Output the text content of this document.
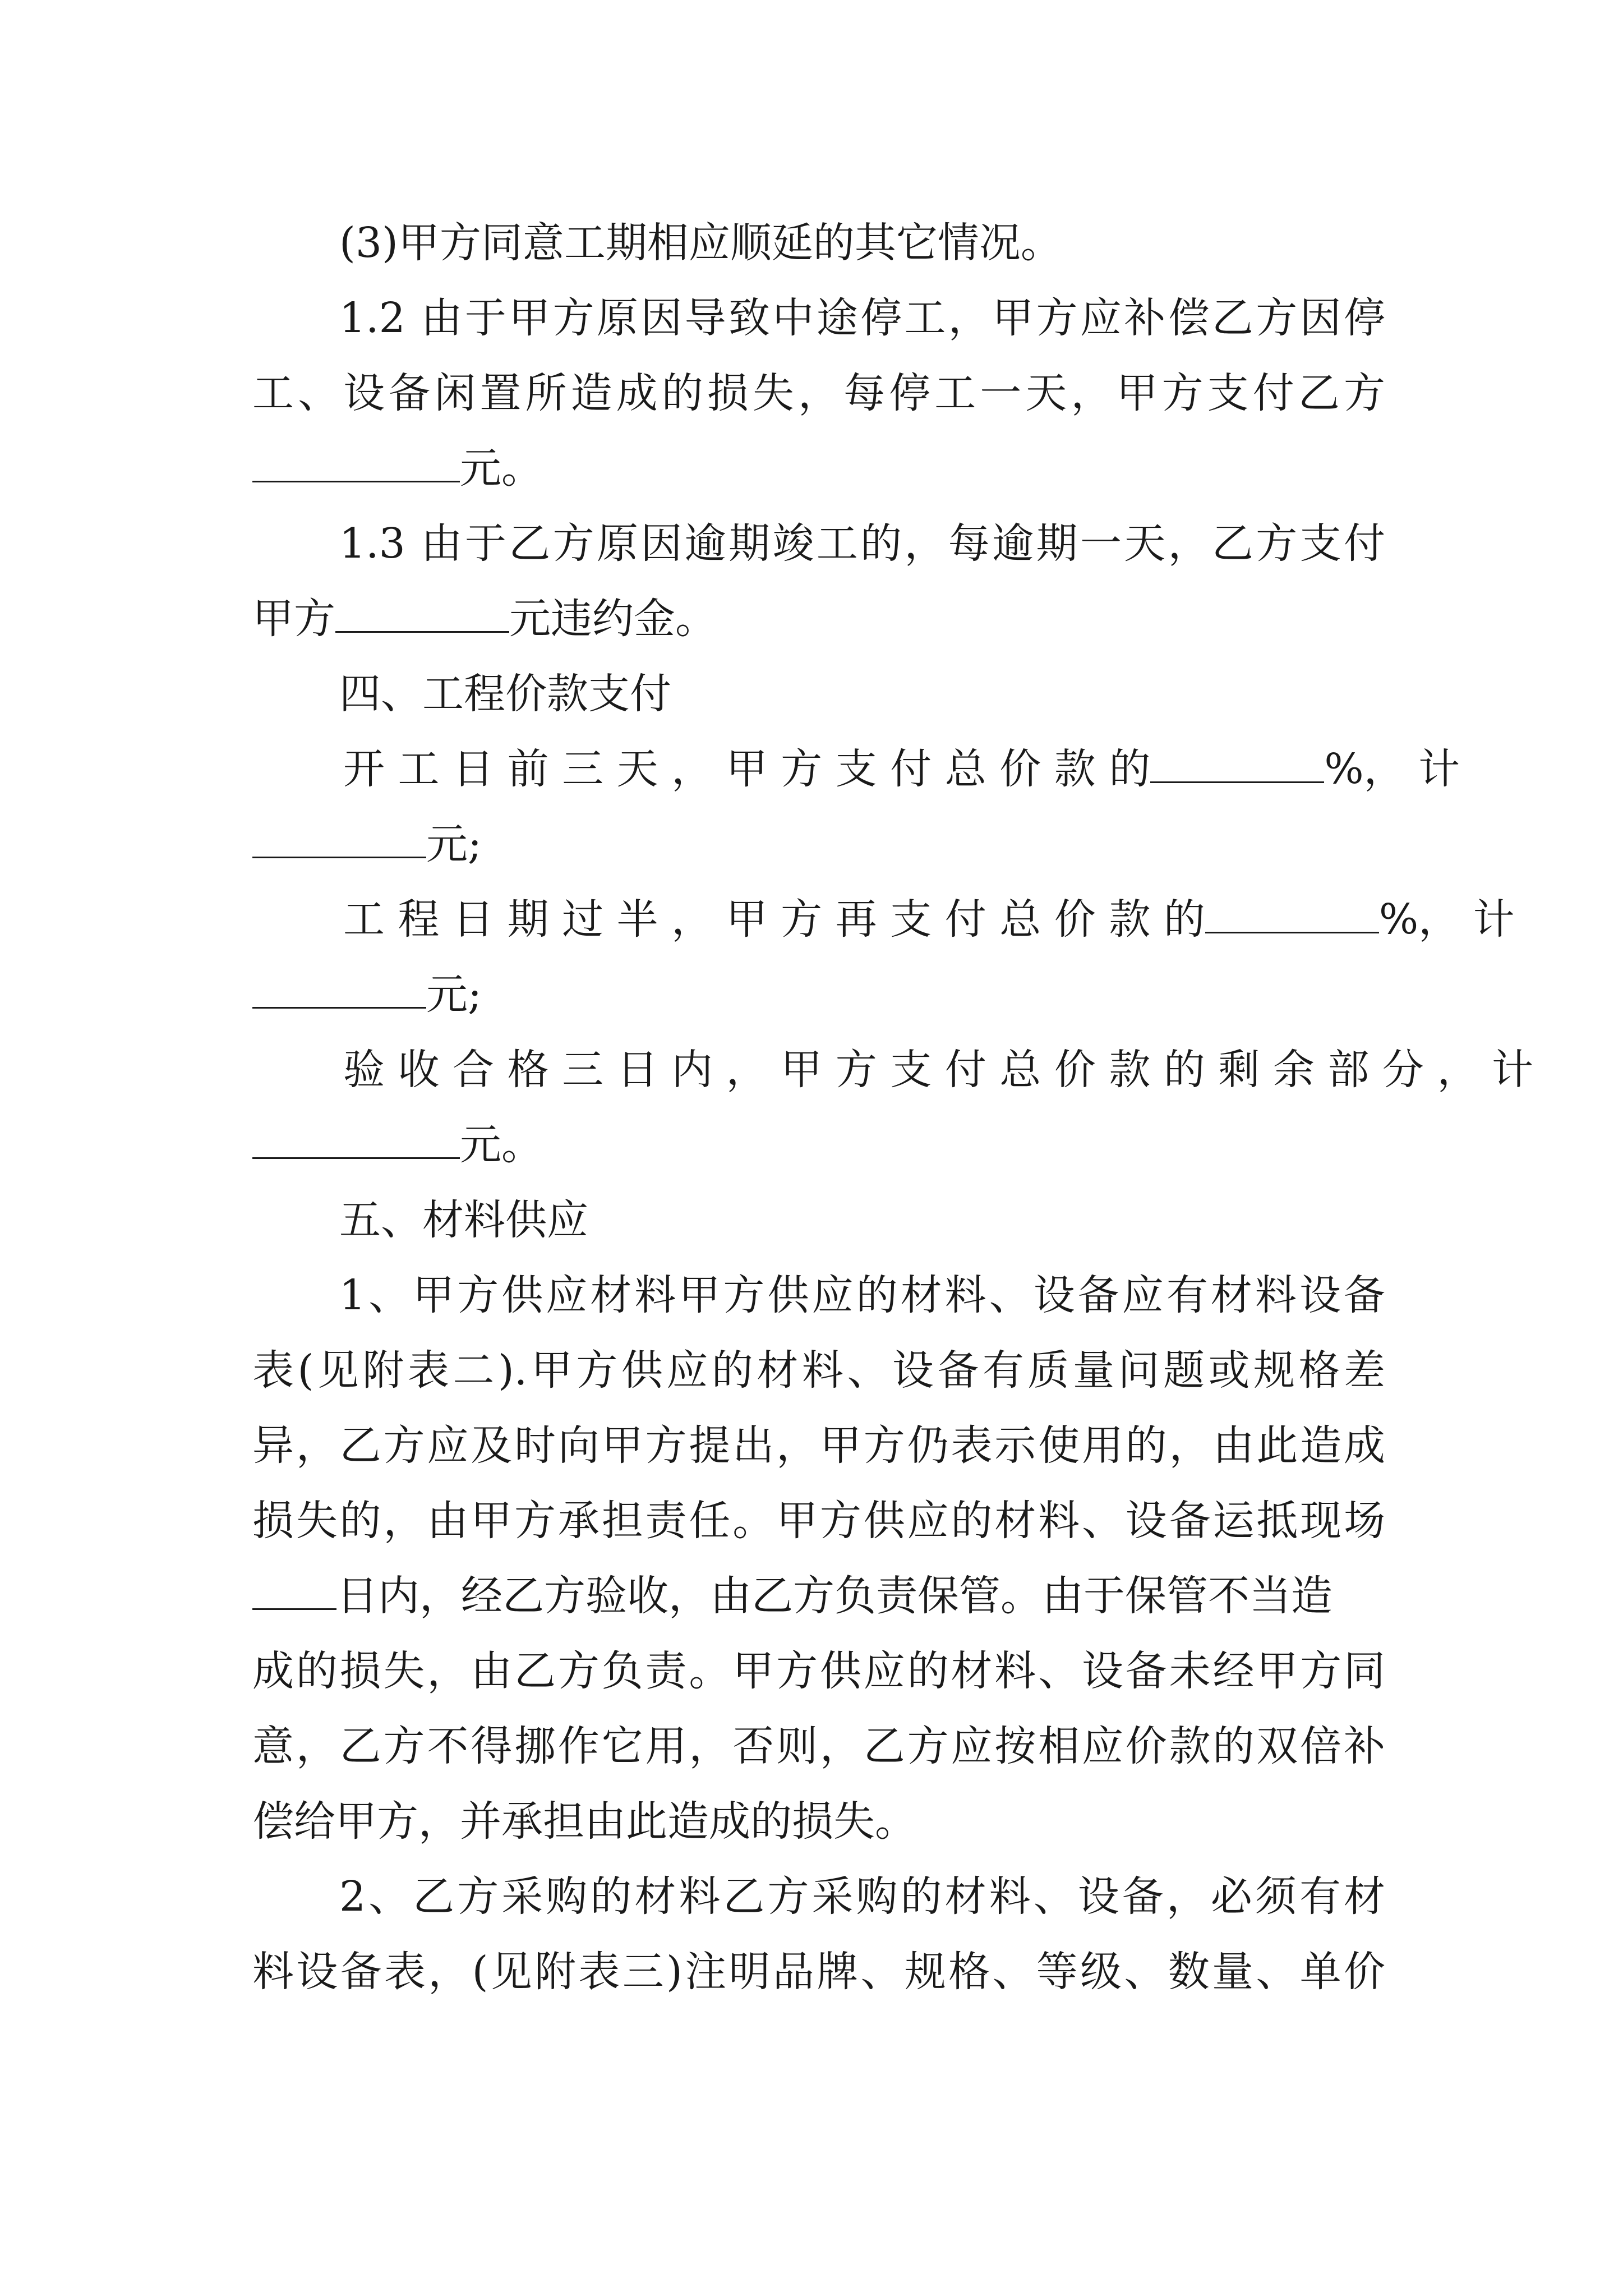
(3)甲方同意工期相应顺延的其它情况。
1.2 由于甲方原因导致中途停工，甲方应补偿乙方因停
工、设备闲置所造成的损失，每停工一天，甲方支付乙方
元。
1.3 由于乙方原因逾期竣工的，每逾期一天，乙方支付
甲方	元违约金。
四、工程价款支付
开 工 日 前 三 天 ， 甲 方 支 付 总 价 款 的	%， 计
元;
工 程 日 期 过 半 ， 甲 方 再 支 付 总 价 款 的	%， 计
元;
验 收 合 格 三 日 内 ， 甲 方 支 付 总 价 款 的 剩 余 部 分 ， 计
元。
五、材料供应
1、甲方供应材料甲方供应的材料、设备应有材料设备
表(见附表二).甲方供应的材料、设备有质量问题或规格差
异，乙方应及时向甲方提出，甲方仍表示使用的，由此造成
损失的，由甲方承担责任。甲方供应的材料、设备运抵现场
日内，经乙方验收，由乙方负责保管。由于保管不当造
成的损失，由乙方负责。甲方供应的材料、设备未经甲方同
意，乙方不得挪作它用，否则，乙方应按相应价款的双倍补
偿给甲方，并承担由此造成的损失。
2、乙方采购的材料乙方采购的材料、设备，必须有材
料设备表，(见附表三)注明品牌、规格、等级、数量、单价
